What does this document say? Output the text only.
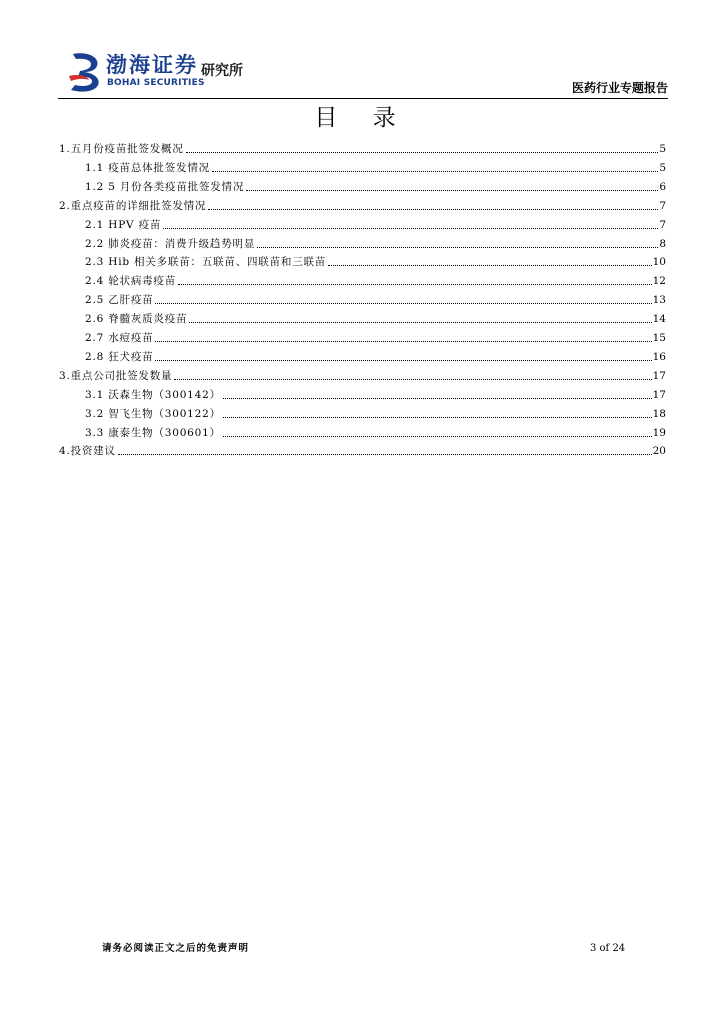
渤海证券
BOHAI SECURITIES
研究所
医药行业专题报告
目 录
1.五月份疫苗批签发概况	5
1.1 疫苗总体批签发情况	5
1.2 5 月份各类疫苗批签发情况	6
2.重点疫苗的详细批签发情况	7
2.1 HPV 疫苗	7
2.2 肺炎疫苗：消费升级趋势明显	8
2.3 Hib 相关多联苗：五联苗、四联苗和三联苗	10
2.4 轮状病毒疫苗	12
2.5 乙肝疫苗	13
2.6 脊髓灰质炎疫苗	14
2.7 水痘疫苗	15
2.8 狂犬疫苗	16
3.重点公司批签发数量	17
3.1 沃森生物（300142）	17
3.2 智飞生物（300122）	18
3.3 康泰生物（300601）	19
4.投资建议	20
请务必阅读正文之后的免责声明	3 of 24
